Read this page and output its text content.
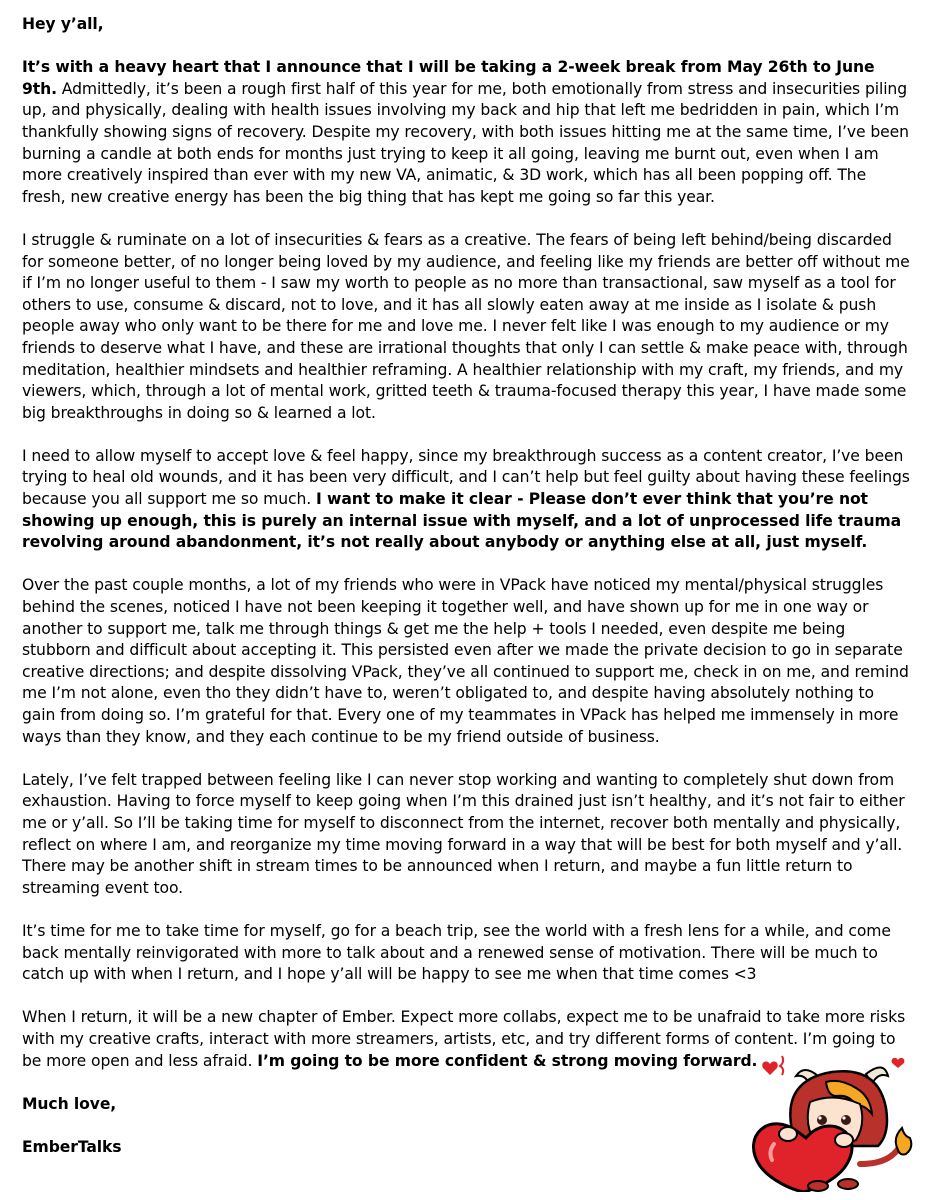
Hey y’all,

It’s with a heavy heart that I announce that I will be taking a 2-week break from May 26th to June 9th. Admittedly, it’s been a rough first half of this year for me, both emotionally from stress and insecurities piling up, and physically, dealing with health issues involving my back and hip that left me bedridden in pain, which I’m thankfully showing signs of recovery. Despite my recovery, with both issues hitting me at the same time, I’ve been burning a candle at both ends for months just trying to keep it all going, leaving me burnt out, even when I am more creatively inspired than ever with my new VA, animatic, & 3D work, which has all been popping off. The fresh, new creative energy has been the big thing that has kept me going so far this year.

I struggle & ruminate on a lot of insecurities & fears as a creative. The fears of being left behind/being discarded for someone better, of no longer being loved by my audience, and feeling like my friends are better off without me if I’m no longer useful to them - I saw my worth to people as no more than transactional, saw myself as a tool for others to use, consume & discard, not to love, and it has all slowly eaten away at me inside as I isolate & push people away who only want to be there for me and love me. I never felt like I was enough to my audience or my friends to deserve what I have, and these are irrational thoughts that only I can settle & make peace with, through meditation, healthier mindsets and healthier reframing. A healthier relationship with my craft, my friends, and my viewers, which, through a lot of mental work, gritted teeth & trauma-focused therapy this year, I have made some big breakthroughs in doing so & learned a lot.

I need to allow myself to accept love & feel happy, since my breakthrough success as a content creator, I’ve been trying to heal old wounds, and it has been very difficult, and I can’t help but feel guilty about having these feelings because you all support me so much. I want to make it clear - Please don’t ever think that you’re not showing up enough, this is purely an internal issue with myself, and a lot of unprocessed life trauma revolving around abandonment, it’s not really about anybody or anything else at all, just myself.

Over the past couple months, a lot of my friends who were in VPack have noticed my mental/physical struggles behind the scenes, noticed I have not been keeping it together well, and have shown up for me in one way or another to support me, talk me through things & get me the help + tools I needed, even despite me being stubborn and difficult about accepting it. This persisted even after we made the private decision to go in separate creative directions; and despite dissolving VPack, they’ve all continued to support me, check in on me, and remind me I’m not alone, even tho they didn’t have to, weren’t obligated to, and despite having absolutely nothing to gain from doing so. I’m grateful for that. Every one of my teammates in VPack has helped me immensely in more ways than they know, and they each continue to be my friend outside of business.

Lately, I’ve felt trapped between feeling like I can never stop working and wanting to completely shut down from exhaustion. Having to force myself to keep going when I’m this drained just isn’t healthy, and it’s not fair to either me or y’all. So I’ll be taking time for myself to disconnect from the internet, recover both mentally and physically, reflect on where I am, and reorganize my time moving forward in a way that will be best for both myself and y’all. There may be another shift in stream times to be announced when I return, and maybe a fun little return to streaming event too.

It’s time for me to take time for myself, go for a beach trip, see the world with a fresh lens for a while, and come back mentally reinvigorated with more to talk about and a renewed sense of motivation. There will be much to catch up with when I return, and I hope y’all will be happy to see me when that time comes <3

When I return, it will be a new chapter of Ember. Expect more collabs, expect me to be unafraid to take more risks with my creative crafts, interact with more streamers, artists, etc, and try different forms of content. I’m going to be more open and less afraid. I’m going to be more confident & strong moving forward.

Much love,

EmberTalks
